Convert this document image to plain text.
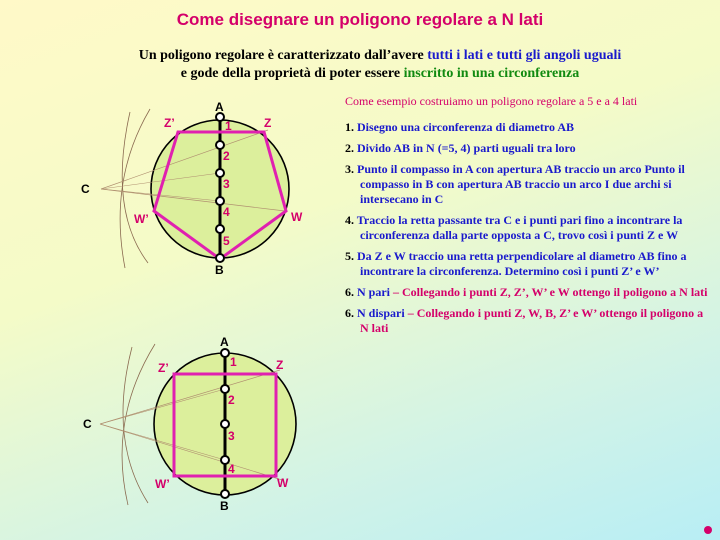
Come disegnare un poligono regolare a N lati
Un poligono regolare è caratterizzato dall’avere tutti i lati e tutti gli angoli uguali
e gode della proprietà di poter essere inscritto in una circonferenza
A
B
C
Z
Z’
W
W’
1
2
3
4
5
A
B
C
Z
Z’
W
W’
1
2
3
4
Come esempio costruiamo un poligono regolare a 5 e a 4 lati
1. Disegno una circonferenza di diametro AB
2. Divido AB in N (=5, 4) parti uguali tra loro
3. Punto il compasso in A con apertura AB traccio un arco Punto il compasso in B con apertura AB traccio un arco I due archi si intersecano in C
4. Traccio la retta passante tra C e i punti pari fino a incontrare la circonferenza dalla parte opposta a C, trovo così i punti Z e W
5. Da Z e W traccio una retta perpendicolare al diametro AB fino a incontrare la circonferenza. Determino così i punti Z’ e W’
6. N pari – Collegando i punti Z, Z’, W’ e W ottengo il poligono a N lati
6. N dispari – Collegando i punti Z, W, B, Z’ e W’ ottengo il poligono a N lati
